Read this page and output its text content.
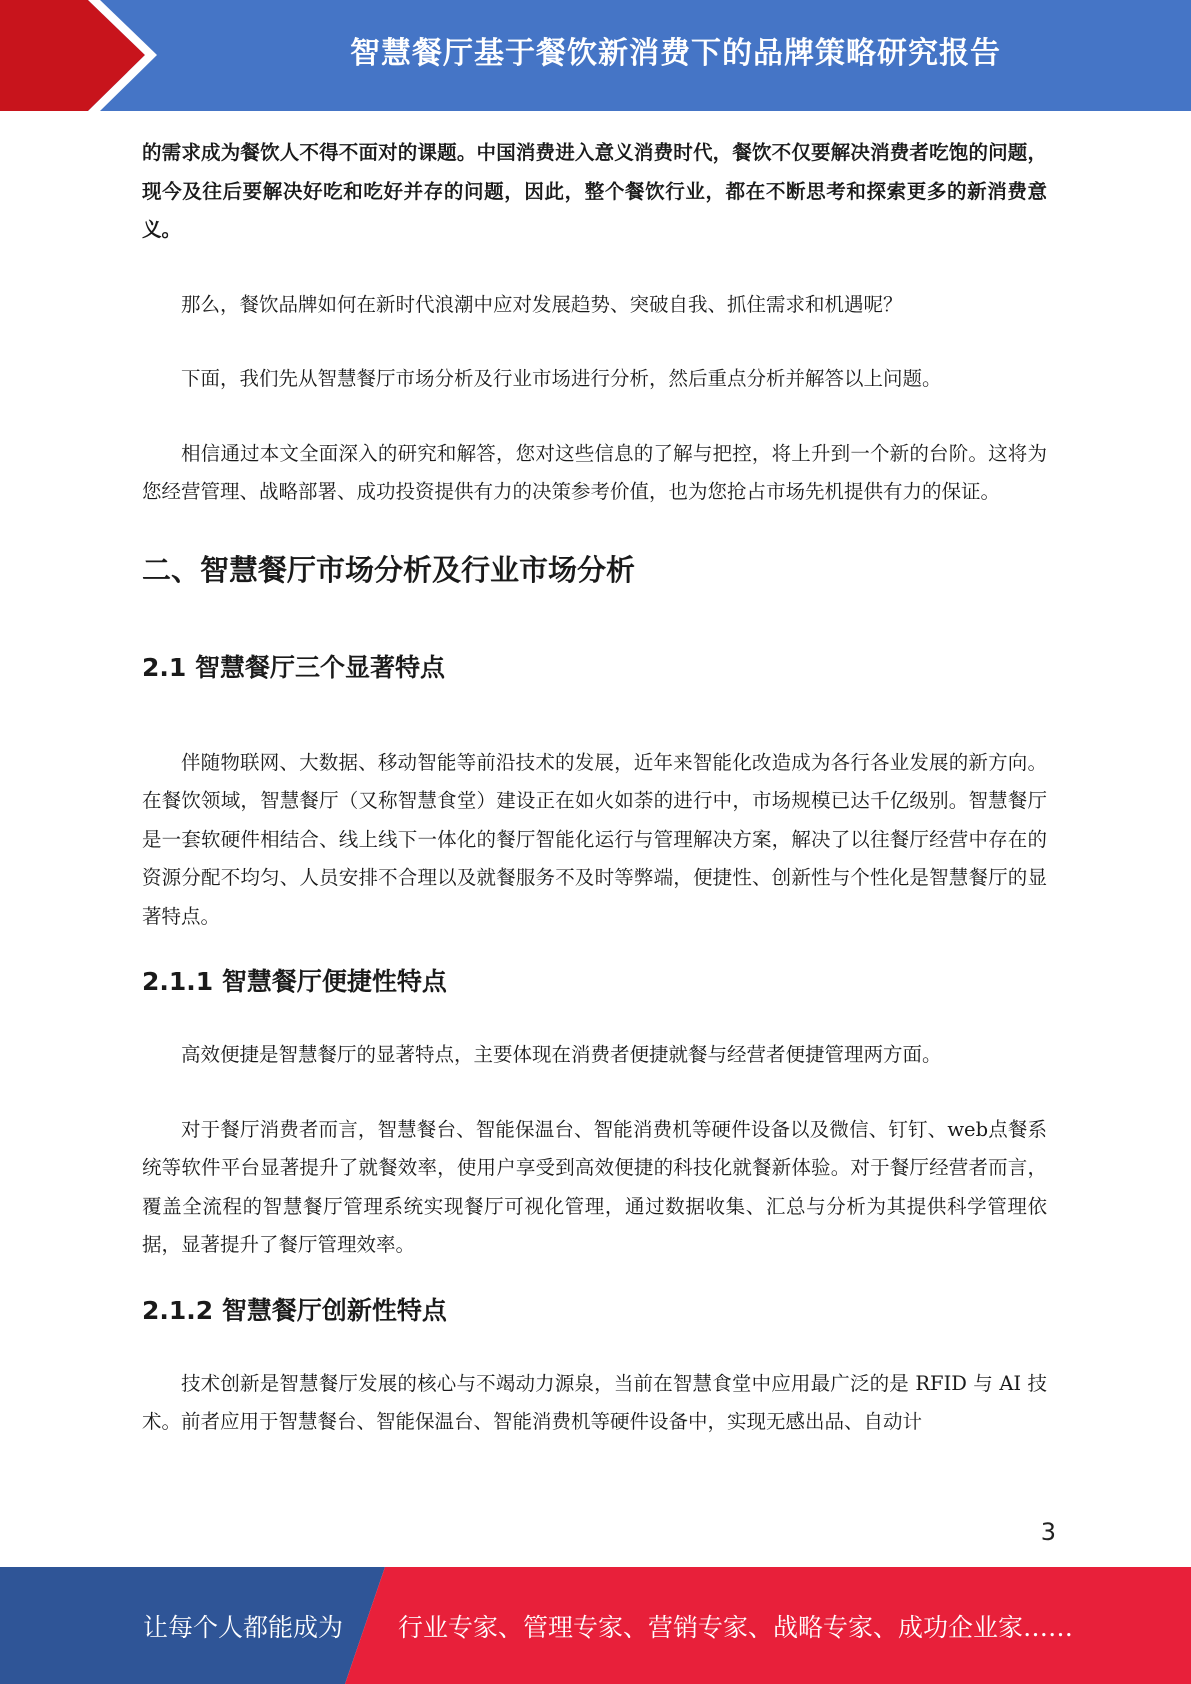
智慧餐厅基于餐饮新消费下的品牌策略研究报告

的需求成为餐饮人不得不面对的课题。中国消费进入意义消费时代，餐饮不仅要解决消费者吃饱的问题，现今及往后要解决好吃和吃好并存的问题，因此，整个餐饮行业，都在不断思考和探索更多的新消费意义。

那么，餐饮品牌如何在新时代浪潮中应对发展趋势、突破自我、抓住需求和机遇呢？

下面，我们先从智慧餐厅市场分析及行业市场进行分析，然后重点分析并解答以上问题。

相信通过本文全面深入的研究和解答，您对这些信息的了解与把控，将上升到一个新的台阶。这将为您经营管理、战略部署、成功投资提供有力的决策参考价值，也为您抢占市场先机提供有力的保证。

二、智慧餐厅市场分析及行业市场分析
2.1 智慧餐厅三个显著特点

伴随物联网、大数据、移动智能等前沿技术的发展，近年来智能化改造成为各行各业发展的新方向。在餐饮领域，智慧餐厅（又称智慧食堂）建设正在如火如荼的进行中，市场规模已达千亿级别。智慧餐厅是一套软硬件相结合、线上线下一体化的餐厅智能化运行与管理解决方案，解决了以往餐厅经营中存在的资源分配不均匀、人员安排不合理以及就餐服务不及时等弊端，便捷性、创新性与个性化是智慧餐厅的显著特点。

2.1.1 智慧餐厅便捷性特点

高效便捷是智慧餐厅的显著特点，主要体现在消费者便捷就餐与经营者便捷管理两方面。

对于餐厅消费者而言，智慧餐台、智能保温台、智能消费机等硬件设备以及微信、钉钉、web点餐系统等软件平台显著提升了就餐效率，使用户享受到高效便捷的科技化就餐新体验。对于餐厅经营者而言，覆盖全流程的智慧餐厅管理系统实现餐厅可视化管理，通过数据收集、汇总与分析为其提供科学管理依据，显著提升了餐厅管理效率。

2.1.2 智慧餐厅创新性特点

技术创新是智慧餐厅发展的核心与不竭动力源泉，当前在智慧食堂中应用最广泛的是 RFID 与 AI 技术。前者应用于智慧餐台、智能保温台、智能消费机等硬件设备中，实现无感出品、自动计

3
让每个人都能成为 行业专家、管理专家、营销专家、战略专家、成功企业家……
